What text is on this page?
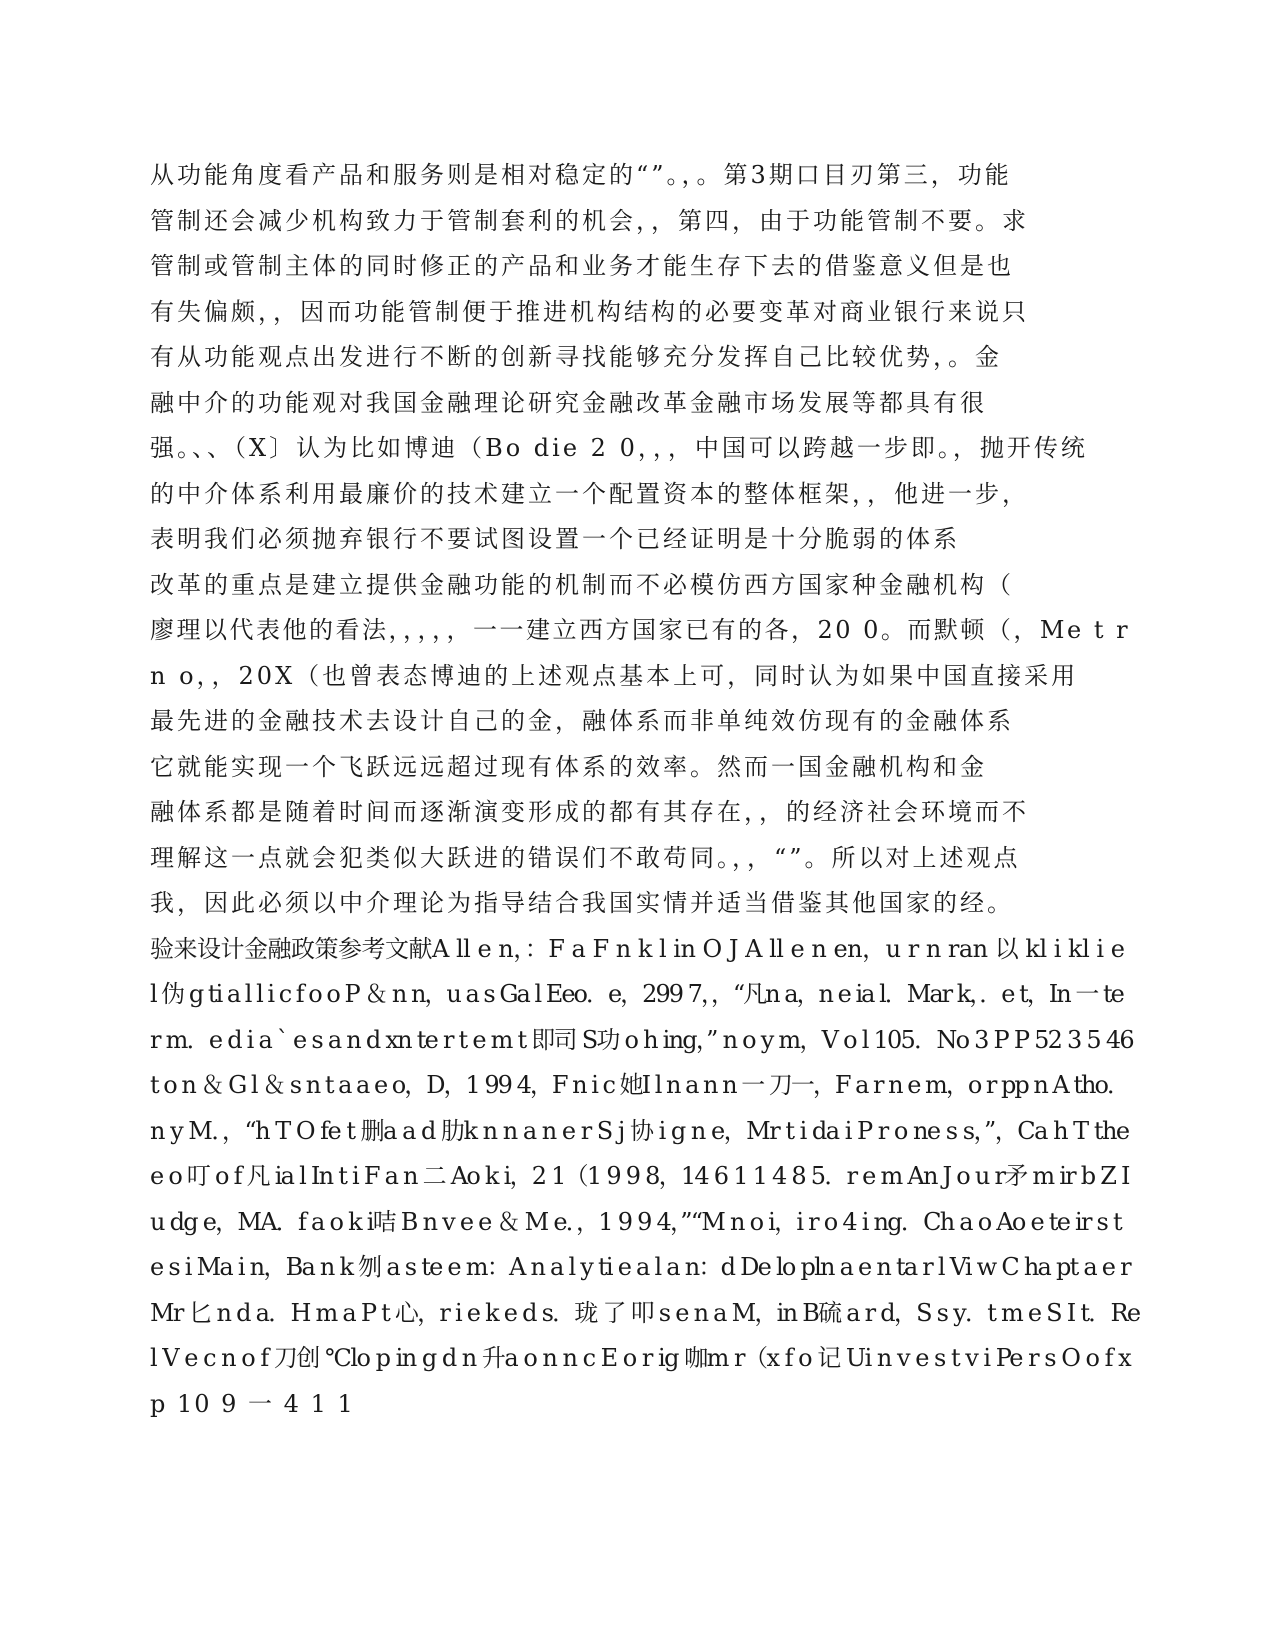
从功能角度看产品和服务则是相对稳定的“”。，。第3期口目刃第三，功能
管制还会减少机构致力于管制套利的机会，，第四，由于功能管制不要。求
管制或管制主体的同时修正的产品和业务才能生存下去的借鉴意义但是也
有失偏颇，，因而功能管制便于推进机构结构的必要变革对商业银行来说只
有从功能观点出发进行不断的创新寻找能够充分发挥自己比较优势，。金
融中介的功能观对我国金融理论研究金融改革金融市场发展等都具有很
强。、、（X〕认为比如博迪（Bo die 2 0，，，中国可以跨越一步即。，抛开传统
的中介体系利用最廉价的技术建立一个配置资本的整体框架，，他进一步，
表明我们必须抛弃银行不要试图设置一个已经证明是十分脆弱的体系
改革的重点是建立提供金融功能的机制而不必模仿西方国家种金融机构（
廖理以代表他的看法，，，，，一一建立西方国家已有的各，20 0。而默顿（，Me t r
n o，，20X（也曾表态博迪的上述观点基本上可，同时认为如果中国直接采用
最先进的金融技术去设计自己的金，融体系而非单纯效仿现有的金融体系
它就能实现一个飞跃远远超过现有体系的效率。然而一国金融机构和金
融体系都是随着时间而逐渐演变形成的都有其存在，，的经济社会环境而不
理解这一点就会犯类似大跃进的错误们不敢苟同。，，“”。所以对上述观点
我，因此必须以中介理论为指导结合我国实情并适当借鉴其他国家的经。
验来设计金融政策参考文献A ll e n，：F a F n k l in O J A ll e n en，u r n ran 以 kl i kl i e
l 伪 g ti a l l i c f o o P ＆ n n，u a s Ga l Eeo．e，299 7，，“凡n a，n e ia l．Mar k，．e t，In 一 te
r m．e d i a ` e s a n d xn te r t e m t 即司 S功 o h ing，” n o y m，V o l 105．No 3 P P 52 3 5 46
t o n ＆ G l ＆ s n t a a e o，D，1 99 4，F n i c 她I l n a n n 一 刀一，F a r n e m，o r pp n A tho．
n y M．，“h T O fe t 删a a d 肋k n n a n e r S j 协 i g n e，Mr t i da i P r o ne s s，”，Ca h T the
e o 叮 o f 凡 ia l In t i F a n 二 Ao k i，2 1（1 9 9 8，14 6 1 1 4 8 5．r e m An J o u r矛 m ir b Z I
u dg e，MA．f a o k i咭 B n v e e ＆ M e．，1 9 9 4，”“M n o i，i r o 4 i ng．Ch a o Ao e te ir s t
e s i Ma i n，Ba n k 刎 a s te e m：A n a l y ti e a l a n：d De lo pln a e n ta r l Vi w C ha pt a e r
Mr 匕 n d a．H m a P t 心，r i e k e d s．珑 了 叩 s e n a M，in B硫 a r d，S s y．t m e S I t．Re
l V e c n o f 刀创 ℃lo p in g d n 升a o n n c E o r ig 咖m r（x f o 记 Ui n v e s t v i Pe r s O o f x
p 10 9 一 4 1 1
